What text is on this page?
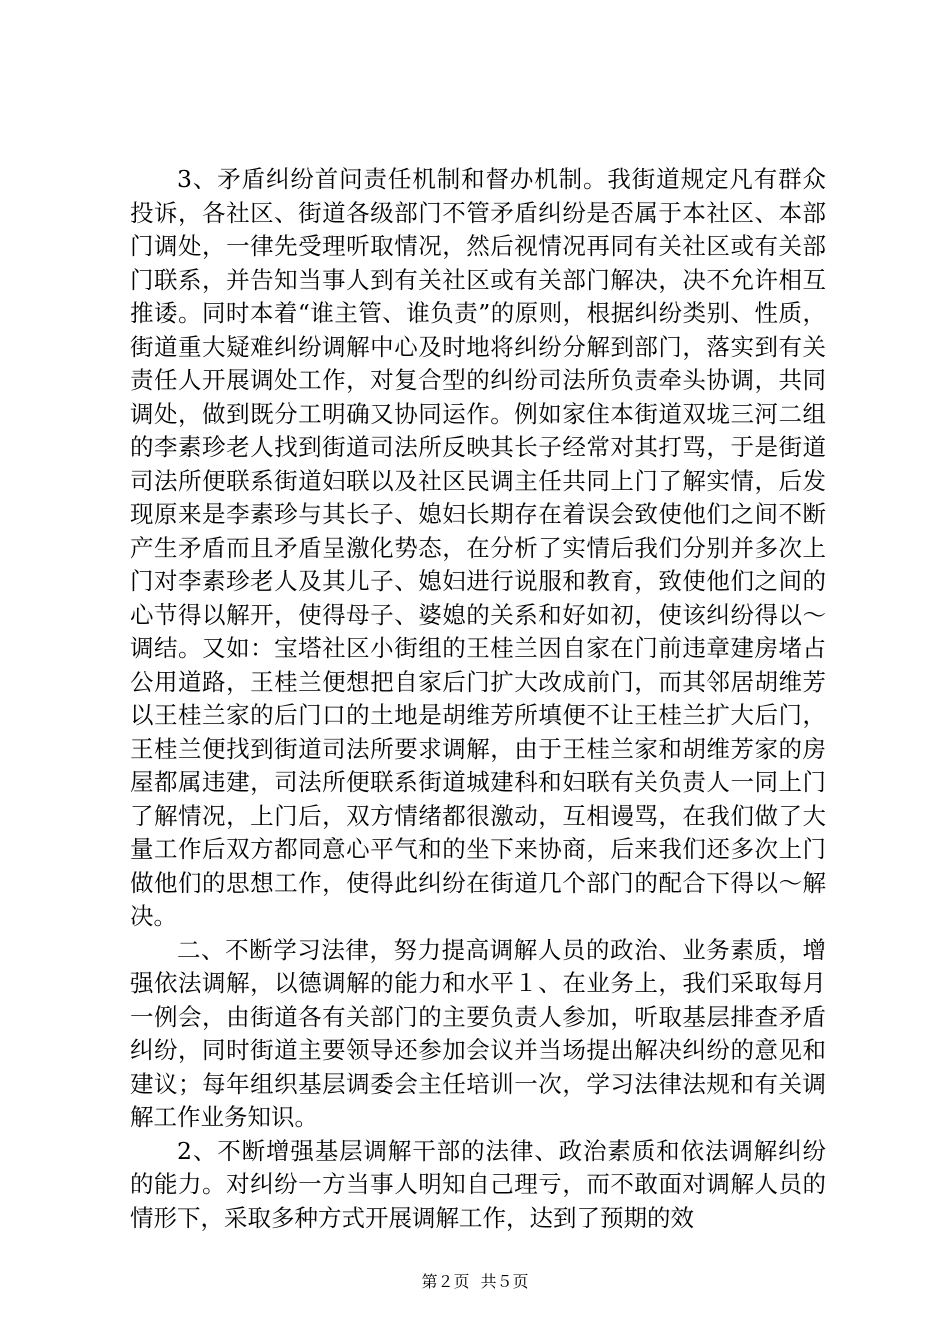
3、矛盾纠纷首问责任机制和督办机制。我街道规定凡有群众投诉，各社区、街道各级部门不管矛盾纠纷是否属于本社区、本部门调处，一律先受理听取情况，然后视情况再同有关社区或有关部门联系，并告知当事人到有关社区或有关部门解决，决不允许相互推诿。同时本着“谁主管、谁负责”的原则，根据纠纷类别、性质，街道重大疑难纠纷调解中心及时地将纠纷分解到部门，落实到有关责任人开展调处工作，对复合型的纠纷司法所负责牵头协调，共同调处，做到既分工明确又协同运作。例如家住本街道双垅三河二组的李素珍老人找到街道司法所反映其长子经常对其打骂，于是街道司法所便联系街道妇联以及社区民调主任共同上门了解实情，后发现原来是李素珍与其长子、媳妇长期存在着误会致使他们之间不断产生矛盾而且矛盾呈激化势态，在分析了实情后我们分别并多次上门对李素珍老人及其儿子、媳妇进行说服和教育，致使他们之间的心节得以解开，使得母子、婆媳的关系和好如初，使该纠纷得以～调结。又如：宝塔社区小街组的王桂兰因自家在门前违章建房堵占公用道路，王桂兰便想把自家后门扩大改成前门，而其邻居胡维芳以王桂兰家的后门口的土地是胡维芳所填便不让王桂兰扩大后门，王桂兰便找到街道司法所要求调解，由于王桂兰家和胡维芳家的房屋都属违建，司法所便联系街道城建科和妇联有关负责人一同上门了解情况，上门后，双方情绪都很激动，互相谩骂，在我们做了大量工作后双方都同意心平气和的坐下来协商，后来我们还多次上门做他们的思想工作，使得此纠纷在街道几个部门的配合下得以～解决。

二、不断学习法律，努力提高调解人员的政治、业务素质，增强依法调解，以德调解的能力和水平１、在业务上，我们采取每月一例会，由街道各有关部门的主要负责人参加，听取基层排查矛盾纠纷，同时街道主要领导还参加会议并当场提出解决纠纷的意见和建议；每年组织基层调委会主任培训一次，学习法律法规和有关调解工作业务知识。

2、不断增强基层调解干部的法律、政治素质和依法调解纠纷的能力。对纠纷一方当事人明知自己理亏，而不敢面对调解人员的情形下，采取多种方式开展调解工作，达到了预期的效

第２页 共５页
